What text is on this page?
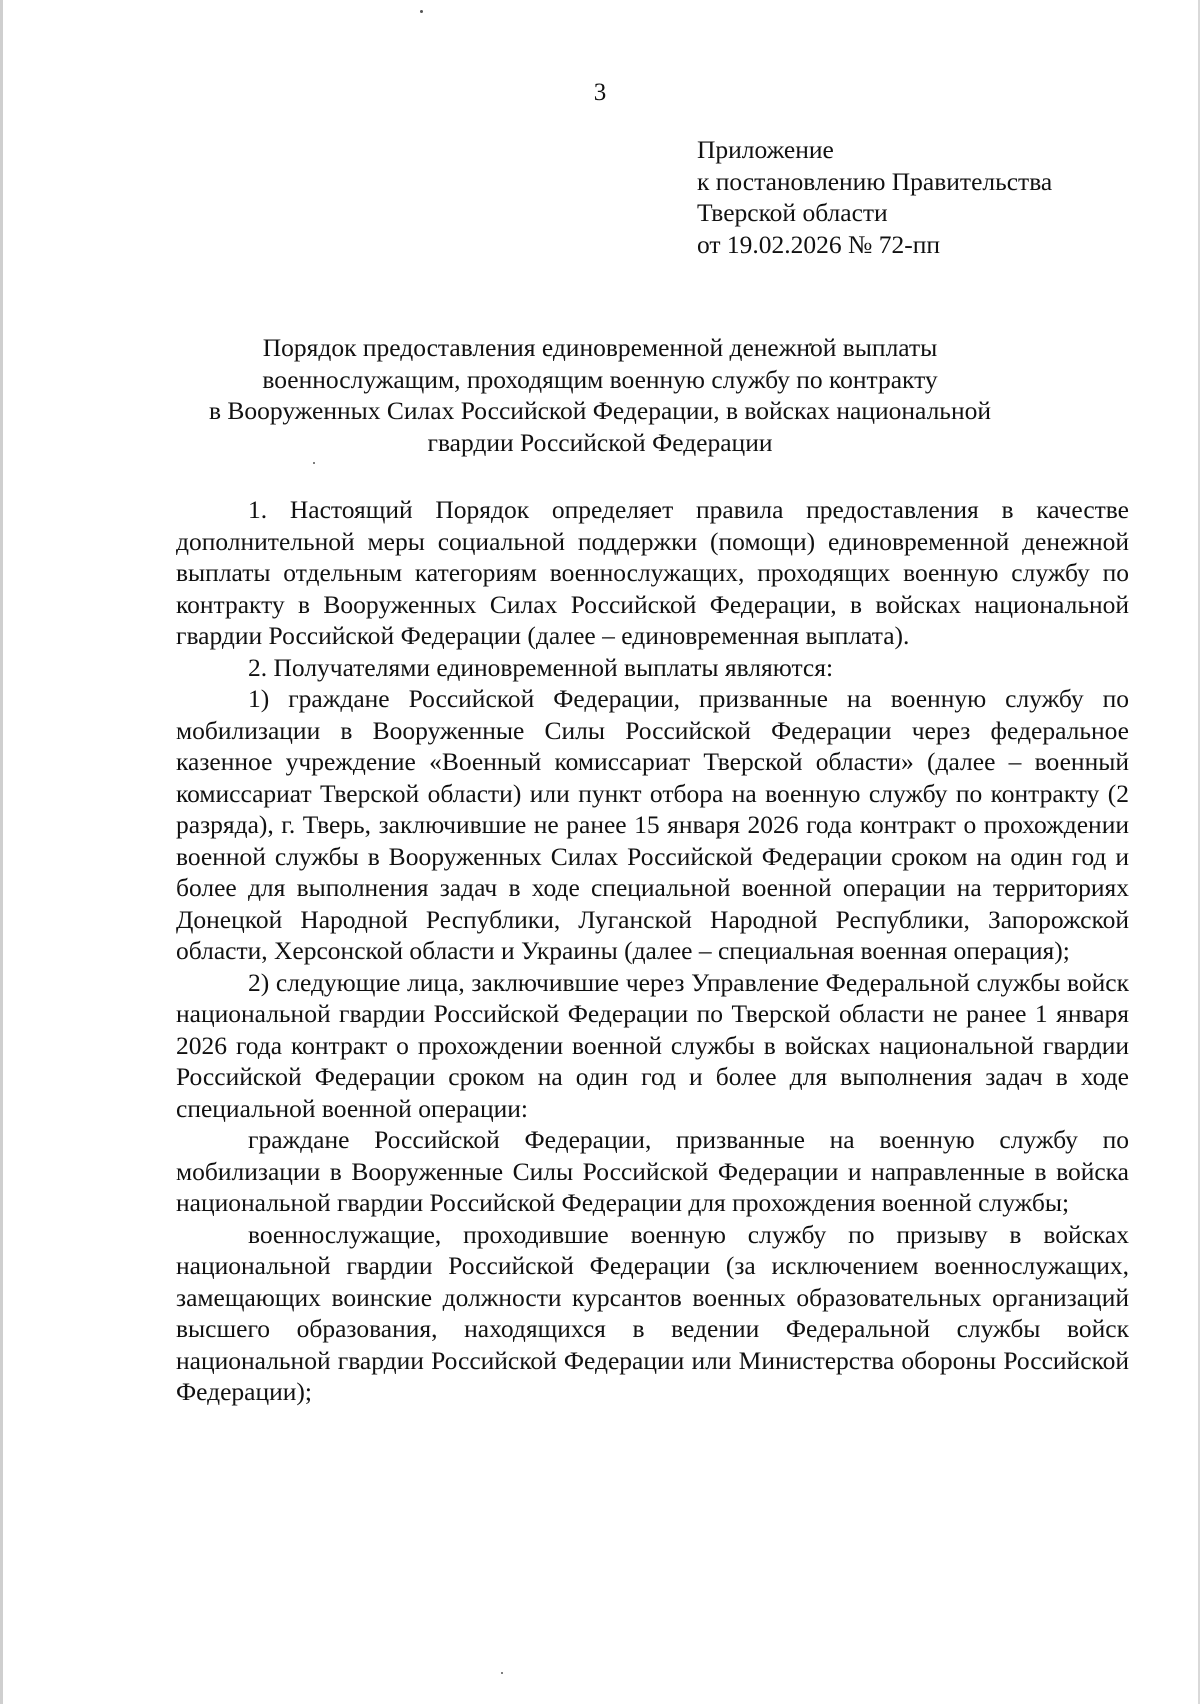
3
Приложение
к постановлению Правительства
Тверской области
от 19.02.2026 № 72-пп
Порядок предоставления единовременной денежной выплаты
военнослужащим, проходящим военную службу по контракту
в Вооруженных Силах Российской Федерации, в войсках национальной
гвардии Российской Федерации

1. Настоящий Порядок определяет правила предоставления в качестве дополнительной меры социальной поддержки (помощи) единовременной денежной выплаты отдельным категориям военнослужащих, проходящих военную службу по контракту в Вооруженных Силах Российской Федерации, в войсках национальной гвардии Российской Федерации (далее – единовременная выплата).

2. Получателями единовременной выплаты являются:

1) граждане Российской Федерации, призванные на военную службу по мобилизации в Вооруженные Силы Российской Федерации через федеральное казенное учреждение «Военный комиссариат Тверской области» (далее – военный комиссариат Тверской области) или пункт отбора на военную службу по контракту (2 разряда), г. Тверь, заключившие не ранее 15 января 2026 года контракт о прохождении военной службы в Вооруженных Силах Российской Федерации сроком на один год и более для выполнения задач в ходе специальной военной операции на территориях Донецкой Народной Республики, Луганской Народной Республики, Запорожской области, Херсонской области и Украины (далее – специальная военная операция);

2) следующие лица, заключившие через Управление Федеральной службы войск национальной гвардии Российской Федерации по Тверской области не ранее 1 января 2026 года контракт о прохождении военной службы в войсках национальной гвардии Российской Федерации сроком на один год и более для выполнения задач в ходе специальной военной операции:

граждане Российской Федерации, призванные на военную службу по мобилизации в Вооруженные Силы Российской Федерации и направленные в войска национальной гвардии Российской Федерации для прохождения военной службы;

военнослужащие, проходившие военную службу по призыву в войсках национальной гвардии Российской Федерации (за исключением военнослужащих, замещающих воинские должности курсантов военных образовательных организаций высшего образования, находящихся в ведении Федеральной службы войск национальной гвардии Российской Федерации или Министерства обороны Российской Федерации);
